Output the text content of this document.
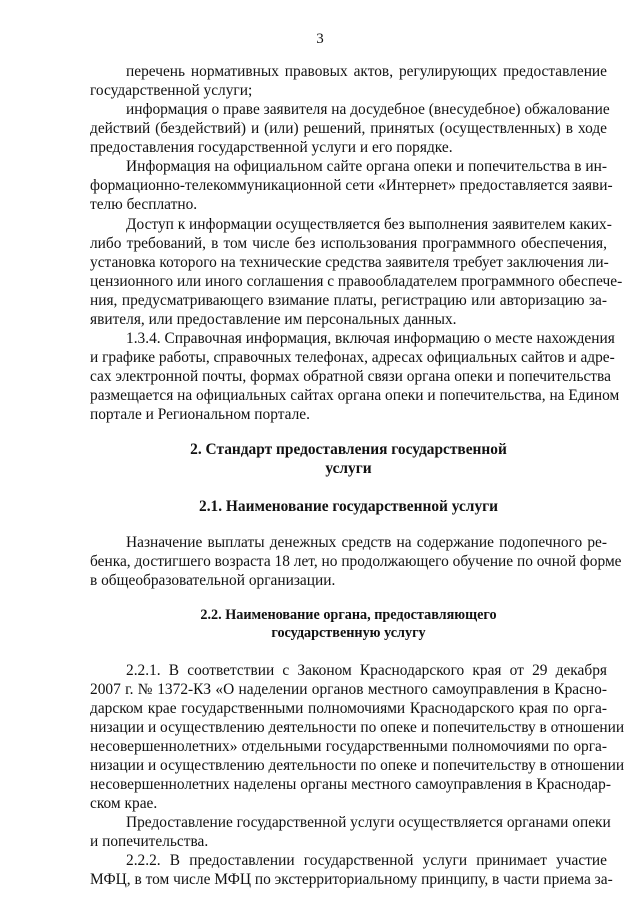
3
перечень нормативных правовых актов, регулирующих предоставление
государственной услуги;
информация о праве заявителя на досудебное (внесудебное) обжалование
действий (бездействий) и (или) решений, принятых (осуществленных) в ходе
предоставления государственной услуги и его порядке.
Информация на официальном сайте органа опеки и попечительства в ин-
формационно-телекоммуникационной сети «Интернет» предоставляется заяви-
телю бесплатно.
Доступ к информации осуществляется без выполнения заявителем каких-
либо требований, в том числе без использования программного обеспечения,
установка которого на технические средства заявителя требует заключения ли-
цензионного или иного соглашения с правообладателем программного обеспече-
ния, предусматривающего взимание платы, регистрацию или авторизацию за-
явителя, или предоставление им персональных данных.
1.3.4. Справочная информация, включая информацию о месте нахождения
и графике работы, справочных телефонах, адресах официальных сайтов и адре-
сах электронной почты, формах обратной связи органа опеки и попечительства
размещается на официальных сайтах органа опеки и попечительства, на Едином
портале и Региональном портале.
2. Стандарт предоставления государственной
услуги
2.1. Наименование государственной услуги
Назначение выплаты денежных средств на содержание подопечного ре-
бенка, достигшего возраста 18 лет, но продолжающего обучение по очной форме
в общеобразовательной организации.
2.2. Наименование органа, предоставляющего
государственную услугу
2.2.1. В соответствии с Законом Краснодарского края от 29 декабря
2007 г. № 1372-КЗ «О наделении органов местного самоуправления в Красно-
дарском крае государственными полномочиями Краснодарского края по орга-
низации и осуществлению деятельности по опеке и попечительству в отношении
несовершеннолетних» отдельными государственными полномочиями по орга-
низации и осуществлению деятельности по опеке и попечительству в отношении
несовершеннолетних наделены органы местного самоуправления в Краснодар-
ском крае.
Предоставление государственной услуги осуществляется органами опеки
и попечительства.
2.2.2. В предоставлении государственной услуги принимает участие
МФЦ, в том числе МФЦ по экстерриториальному принципу, в части приема за-
